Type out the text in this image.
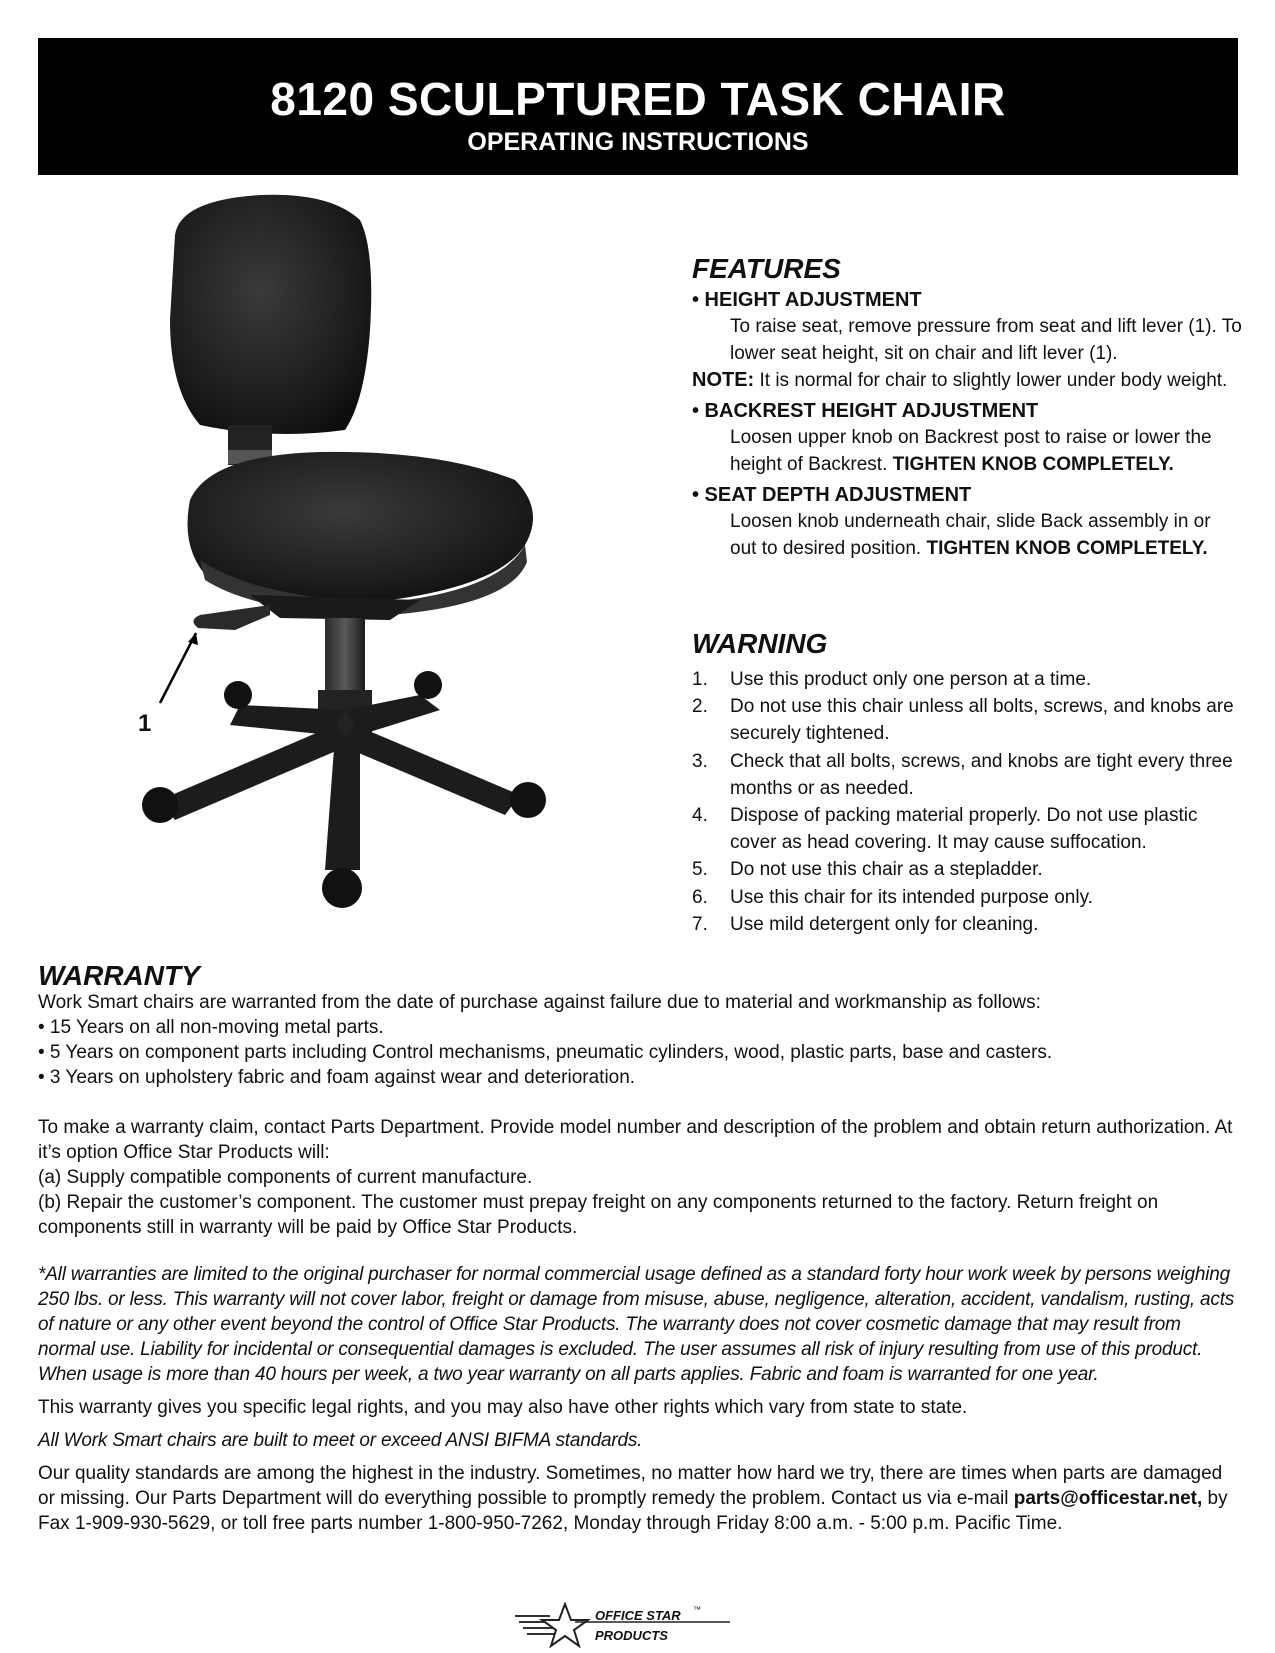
8120 SCULPTURED TASK CHAIR
OPERATING INSTRUCTIONS
1
FEATURES
• HEIGHT ADJUSTMENT

To raise seat, remove pressure from seat and lift lever (1). To lower seat height, sit on chair and lift lever (1).

NOTE: It is normal for chair to slightly lower under body weight.

• BACKREST HEIGHT ADJUSTMENT

Loosen upper knob on Backrest post to raise or lower the height of Backrest. TIGHTEN KNOB COMPLETELY.

• SEAT DEPTH ADJUSTMENT

Loosen knob underneath chair, slide Back assembly in or out to desired position. TIGHTEN KNOB COMPLETELY.

WARNING
1. Use this product only one person at a time.
2. Do not use this chair unless all bolts, screws, and knobs are securely tightened.
3. Check that all bolts, screws, and knobs are tight every three months or as needed.
4. Dispose of packing material properly. Do not use plastic cover as head covering. It may cause suffocation.
5. Do not use this chair as a stepladder.
6. Use this chair for its intended purpose only.
7. Use mild detergent only for cleaning.
WARRANTY

Work Smart chairs are warranted from the date of purchase against failure due to material and workmanship as follows:

• 15 Years on all non-moving metal parts.

• 5 Years on component parts including Control mechanisms, pneumatic cylinders, wood, plastic parts, base and casters.

• 3 Years on upholstery fabric and foam against wear and deterioration.

To make a warranty claim, contact Parts Department. Provide model number and description of the problem and obtain return authorization. At it’s option Office Star Products will:

(a) Supply compatible components of current manufacture.

(b) Repair the customer’s component. The customer must prepay freight on any components returned to the factory. Return freight on components still in warranty will be paid by Office Star Products.

*All warranties are limited to the original purchaser for normal commercial usage defined as a standard forty hour work week by persons weighing 250 lbs. or less. This warranty will not cover labor, freight or damage from misuse, abuse, negligence, alteration, accident, vandalism, rusting, acts of nature or any other event beyond the control of Office Star Products. The warranty does not cover cosmetic damage that may result from normal use. Liability for incidental or consequential damages is excluded. The user assumes all risk of injury resulting from use of this product. When usage is more than 40 hours per week, a two year warranty on all parts applies. Fabric and foam is warranted for one year.

This warranty gives you specific legal rights, and you may also have other rights which vary from state to state.

All Work Smart chairs are built to meet or exceed ANSI BIFMA standards.

Our quality standards are among the highest in the industry. Sometimes, no matter how hard we try, there are times when parts are damaged or missing. Our Parts Department will do everything possible to promptly remedy the problem. Contact us via e-mail parts@officestar.net, by Fax 1-909-930-5629, or toll free parts number 1-800-950-7262, Monday through Friday 8:00 a.m. - 5:00 p.m. Pacific Time.

OFFICE STAR ™
PRODUCTS
